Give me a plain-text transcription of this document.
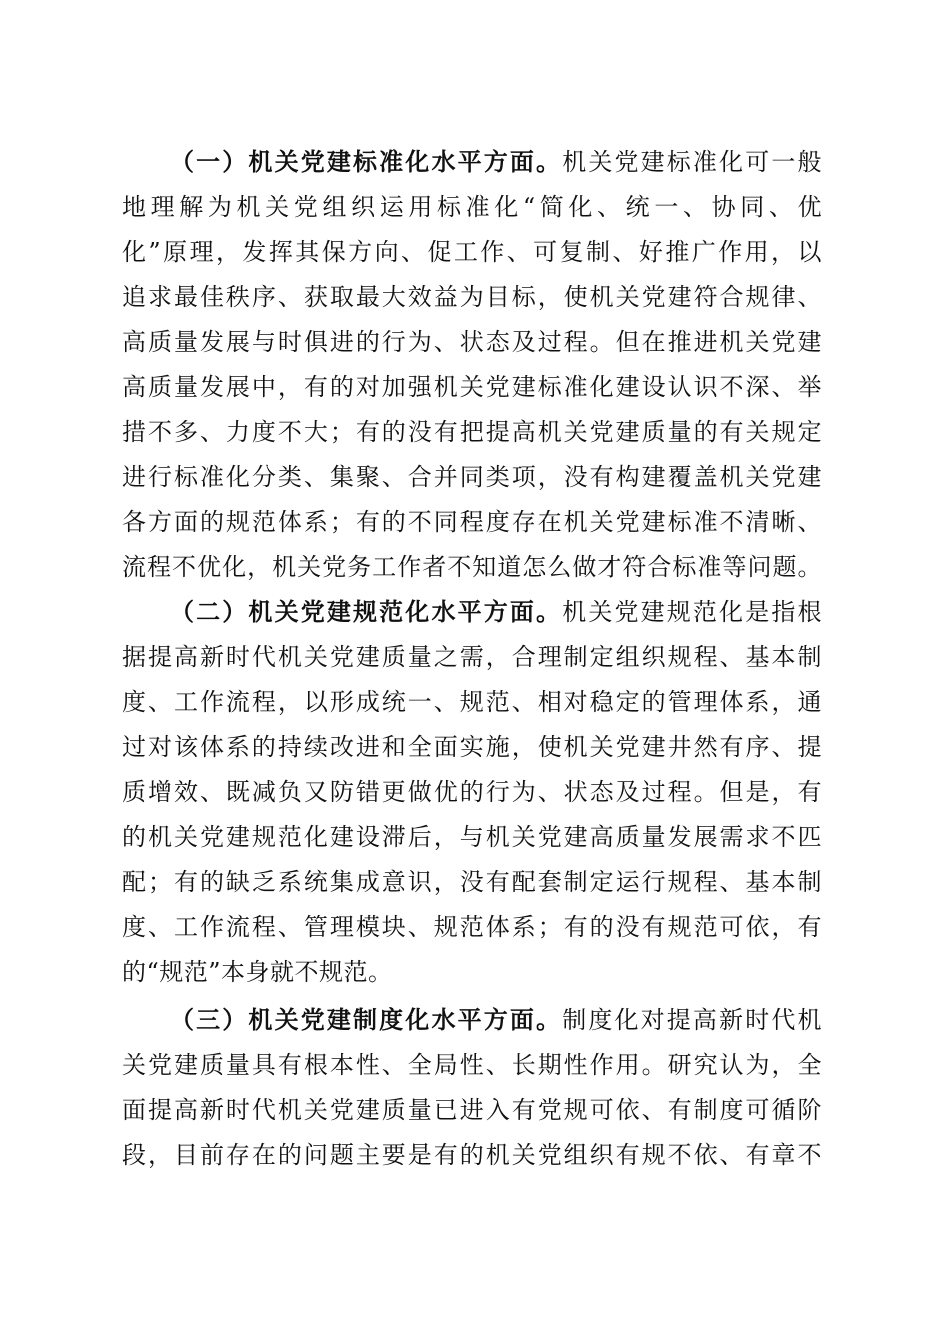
（一）机关党建标准化水平方面。机关党建标准化可一般
地理解为机关党组织运用标准化“简化、统一、协同、优
化”原理，发挥其保方向、促工作、可复制、好推广作用，以
追求最佳秩序、获取最大效益为目标，使机关党建符合规律、
高质量发展与时俱进的行为、状态及过程。但在推进机关党建
高质量发展中，有的对加强机关党建标准化建设认识不深、举
措不多、力度不大；有的没有把提高机关党建质量的有关规定
进行标准化分类、集聚、合并同类项，没有构建覆盖机关党建
各方面的规范体系；有的不同程度存在机关党建标准不清晰、
流程不优化，机关党务工作者不知道怎么做才符合标准等问题。
（二）机关党建规范化水平方面。机关党建规范化是指根
据提高新时代机关党建质量之需，合理制定组织规程、基本制
度、工作流程，以形成统一、规范、相对稳定的管理体系，通
过对该体系的持续改进和全面实施，使机关党建井然有序、提
质增效、既减负又防错更做优的行为、状态及过程。但是，有
的机关党建规范化建设滞后，与机关党建高质量发展需求不匹
配；有的缺乏系统集成意识，没有配套制定运行规程、基本制
度、工作流程、管理模块、规范体系；有的没有规范可依，有
的“规范”本身就不规范。
（三）机关党建制度化水平方面。制度化对提高新时代机
关党建质量具有根本性、全局性、长期性作用。研究认为，全
面提高新时代机关党建质量已进入有党规可依、有制度可循阶
段，目前存在的问题主要是有的机关党组织有规不依、有章不
